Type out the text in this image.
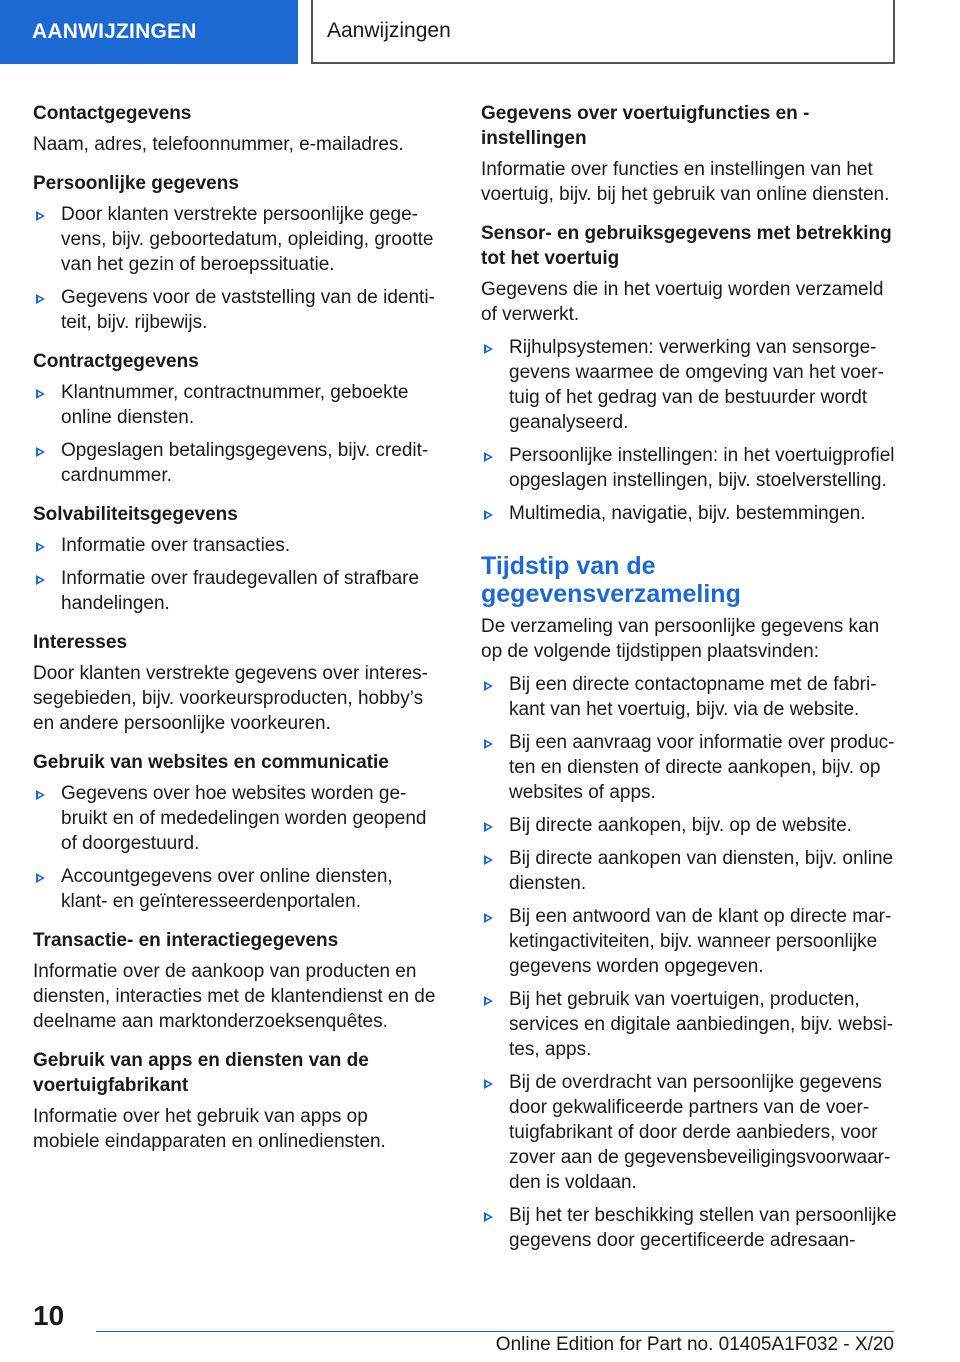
AANWIJZINGEN	Aanwijzingen
Contactgegevens
Naam, adres, telefoonnummer, e-mailadres.
Persoonlijke gegevens
Door klanten verstrekte persoonlijke gegevens, bijv. geboortedatum, opleiding, grootte van het gezin of beroepssituatie.
Gegevens voor de vaststelling van de identiteit, bijv. rijbewijs.
Contractgegevens
Klantnummer, contractnummer, geboekte online diensten.
Opgeslagen betalingsgegevens, bijv. creditcardnummer.
Solvabiliteitsgegevens
Informatie over transacties.
Informatie over fraudegevallen of strafbare handelingen.
Interesses
Door klanten verstrekte gegevens over interessegebieden, bijv. voorkeursproducten, hobby’s en andere persoonlijke voorkeuren.
Gebruik van websites en communicatie
Gegevens over hoe websites worden gebruikt en of mededelingen worden geopend of doorgestuurd.
Accountgegevens over online diensten, klant- en geïnteresseerdenportalen.
Transactie- en interactiegegevens
Informatie over de aankoop van producten en diensten, interacties met de klantendienst en de deelname aan marktonderzoeksenquêtes.
Gebruik van apps en diensten van de voertuigfabrikant
Informatie over het gebruik van apps op mobiele eindapparaten en onlinediensten.
Gegevens over voertuigfuncties en -instellingen
Informatie over functies en instellingen van het voertuig, bijv. bij het gebruik van online diensten.
Sensor- en gebruiksgegevens met betrekking tot het voertuig
Gegevens die in het voertuig worden verzameld of verwerkt.
Rijhulpsystemen: verwerking van sensorgegevens waarmee de omgeving van het voertuig of het gedrag van de bestuurder wordt geanalyseerd.
Persoonlijke instellingen: in het voertuigprofiel opgeslagen instellingen, bijv. stoelverstelling.
Multimedia, navigatie, bijv. bestemmingen.
Tijdstip van de gegevensverzameling
De verzameling van persoonlijke gegevens kan op de volgende tijdstippen plaatsvinden:
Bij een directe contactopname met de fabrikant van het voertuig, bijv. via de website.
Bij een aanvraag voor informatie over producten en diensten of directe aankopen, bijv. op websites of apps.
Bij directe aankopen, bijv. op de website.
Bij directe aankopen van diensten, bijv. online diensten.
Bij een antwoord van de klant op directe marketingactiviteiten, bijv. wanneer persoonlijke gegevens worden opgegeven.
Bij het gebruik van voertuigen, producten, services en digitale aanbiedingen, bijv. websites, apps.
Bij de overdracht van persoonlijke gegevens door gekwalificeerde partners van de voertuigfabrikant of door derde aanbieders, voor zover aan de gegevensbeveiligingsvoorwaarden is voldaan.
Bij het ter beschikking stellen van persoonlijke gegevens door gecertificeerde adresaan-
10
Online Edition for Part no. 01405A1F032 - X/20
